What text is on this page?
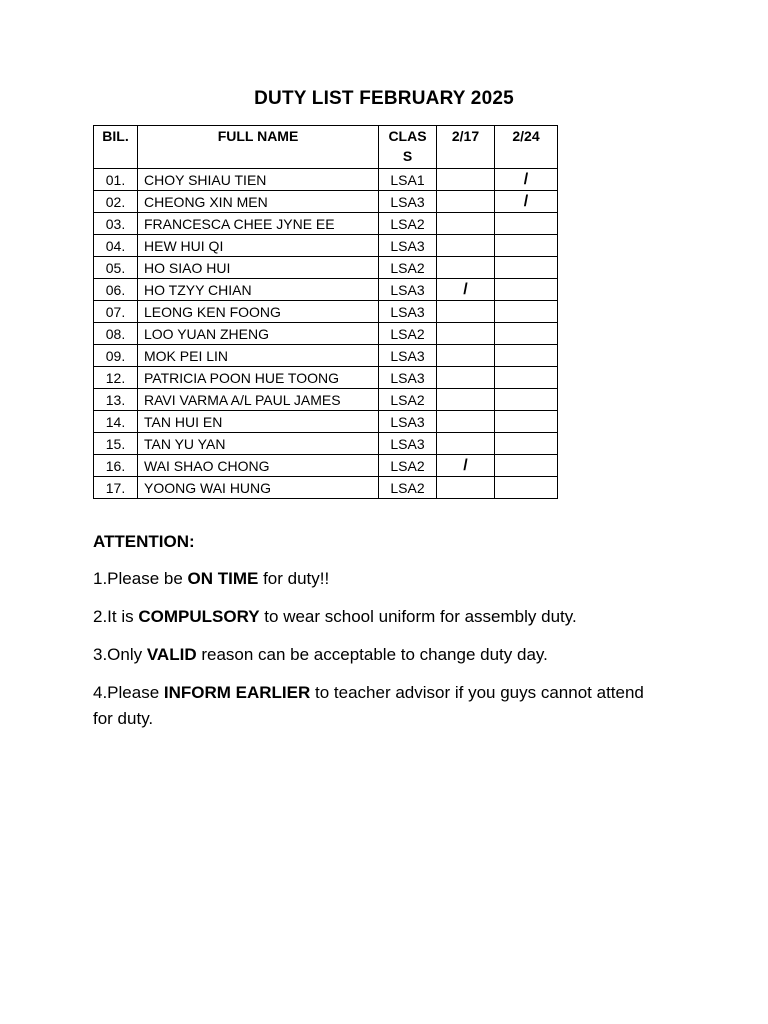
DUTY LIST FEBRUARY 2025
BIL.	FULL NAME	CLASS	2/17	2/24
01.	CHOY SHIAU TIEN	LSA1		/
02.	CHEONG XIN MEN	LSA3		/
03.	FRANCESCA CHEE JYNE EE	LSA2		
04.	HEW HUI QI	LSA3		
05.	HO SIAO HUI	LSA2		
06.	HO TZYY CHIAN	LSA3	/	
07.	LEONG KEN FOONG	LSA3		
08.	LOO YUAN ZHENG	LSA2		
09.	MOK PEI LIN	LSA3		
12.	PATRICIA POON HUE TOONG	LSA3		
13.	RAVI VARMA A/L PAUL JAMES	LSA2		
14.	TAN HUI EN	LSA3		
15.	TAN YU YAN	LSA3		
16.	WAI SHAO CHONG	LSA2	/	
17.	YOONG WAI HUNG	LSA2		
ATTENTION:
1.Please be ON TIME for duty!!
2.It is COMPULSORY to wear school uniform for assembly duty.
3.Only VALID reason can be acceptable to change duty day.
4.Please INFORM EARLIER to teacher advisor if you guys cannot attend for duty.
